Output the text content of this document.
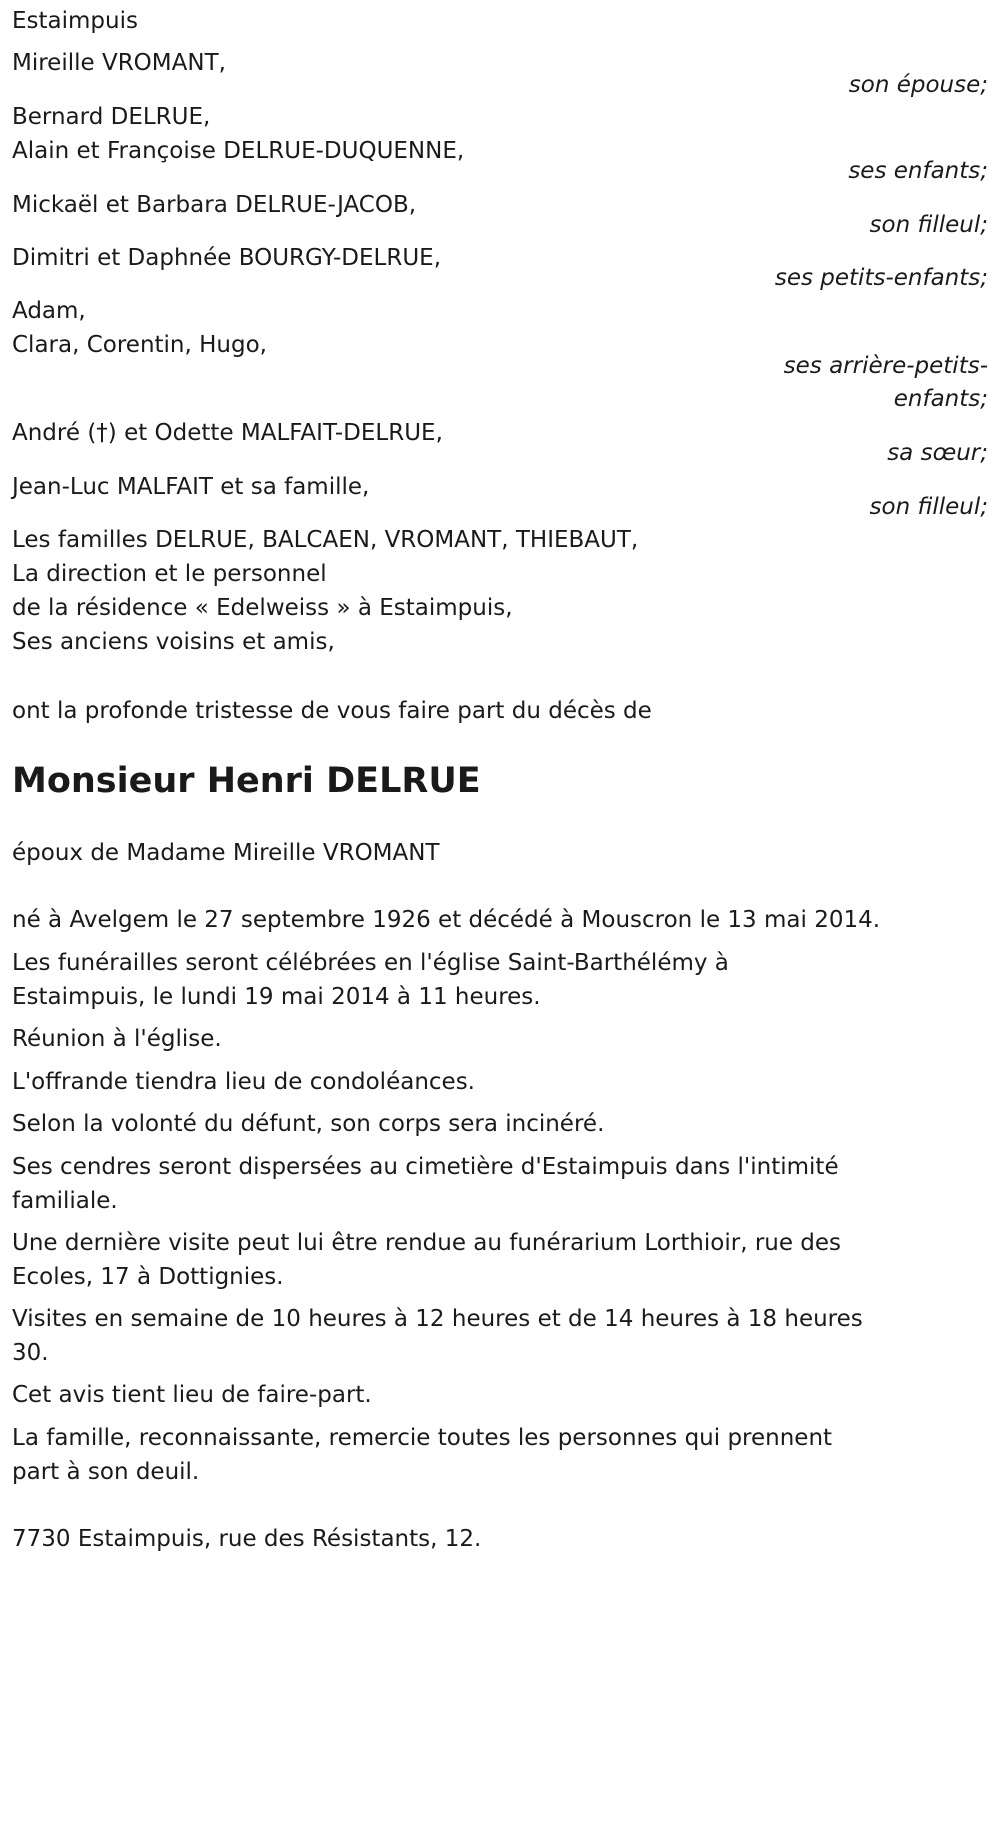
Estaimpuis
Mireille VROMANT,
son épouse;
Bernard DELRUE,
Alain et Françoise DELRUE-DUQUENNE,
ses enfants;
Mickaël et Barbara DELRUE-JACOB,
son filleul;
Dimitri et Daphnée BOURGY-DELRUE,
ses petits-enfants;
Adam,
Clara, Corentin, Hugo,
ses arrière-petits-
enfants;
André (†) et Odette MALFAIT-DELRUE,
sa sœur;
Jean-Luc MALFAIT et sa famille,
son filleul;
Les familles DELRUE, BALCAEN, VROMANT, THIEBAUT,
La direction et le personnel
de la résidence « Edelweiss » à Estaimpuis,
Ses anciens voisins et amis,
ont la profonde tristesse de vous faire part du décès de
Monsieur Henri DELRUE
époux de Madame Mireille VROMANT
né à Avelgem le 27 septembre 1926 et décédé à Mouscron le 13 mai 2014.
Les funérailles seront célébrées en l'église Saint-Barthélémy à
Estaimpuis, le lundi 19 mai 2014 à 11 heures.
Réunion à l'église.
L'offrande tiendra lieu de condoléances.
Selon la volonté du défunt, son corps sera incinéré.
Ses cendres seront dispersées au cimetière d'Estaimpuis dans l'intimité
familiale.
Une dernière visite peut lui être rendue au funérarium Lorthioir, rue des
Ecoles, 17 à Dottignies.
Visites en semaine de 10 heures à 12 heures et de 14 heures à 18 heures
30.
Cet avis tient lieu de faire-part.
La famille, reconnaissante, remercie toutes les personnes qui prennent
part à son deuil.
7730 Estaimpuis, rue des Résistants, 12.
